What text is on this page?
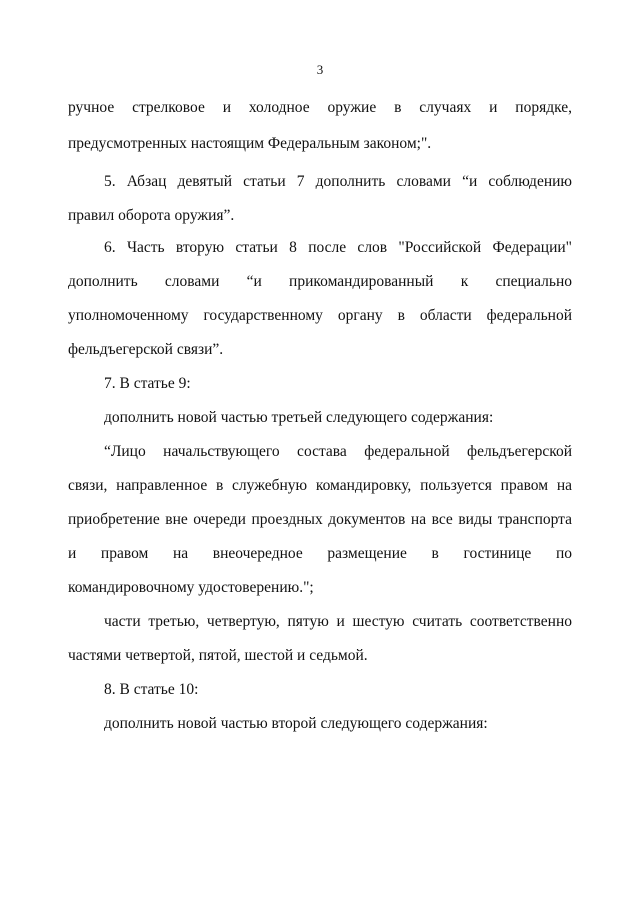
3
ручное стрелковое и холодное оружие в случаях и порядке,
предусмотренных настоящим Федеральным законом;".
5. Абзац девятый статьи 7 дополнить словами “и соблюдению
правил оборота оружия”.
6. Часть вторую статьи 8 после слов "Российской Федерации"
дополнить словами “и прикомандированный к специально
уполномоченному государственному органу в области федеральной
фельдъегерской связи”.
7. В статье 9:
дополнить новой частью третьей следующего содержания:
“Лицо начальствующего состава федеральной фельдъегерской
связи, направленное в служебную командировку, пользуется правом на
приобретение вне очереди проездных документов на все виды транспорта
и правом на внеочередное размещение в гостинице по
командировочному удостоверению.";
части третью, четвертую, пятую и шестую считать соответственно
частями четвертой, пятой, шестой и седьмой.
8. В статье 10:
дополнить новой частью второй следующего содержания:
